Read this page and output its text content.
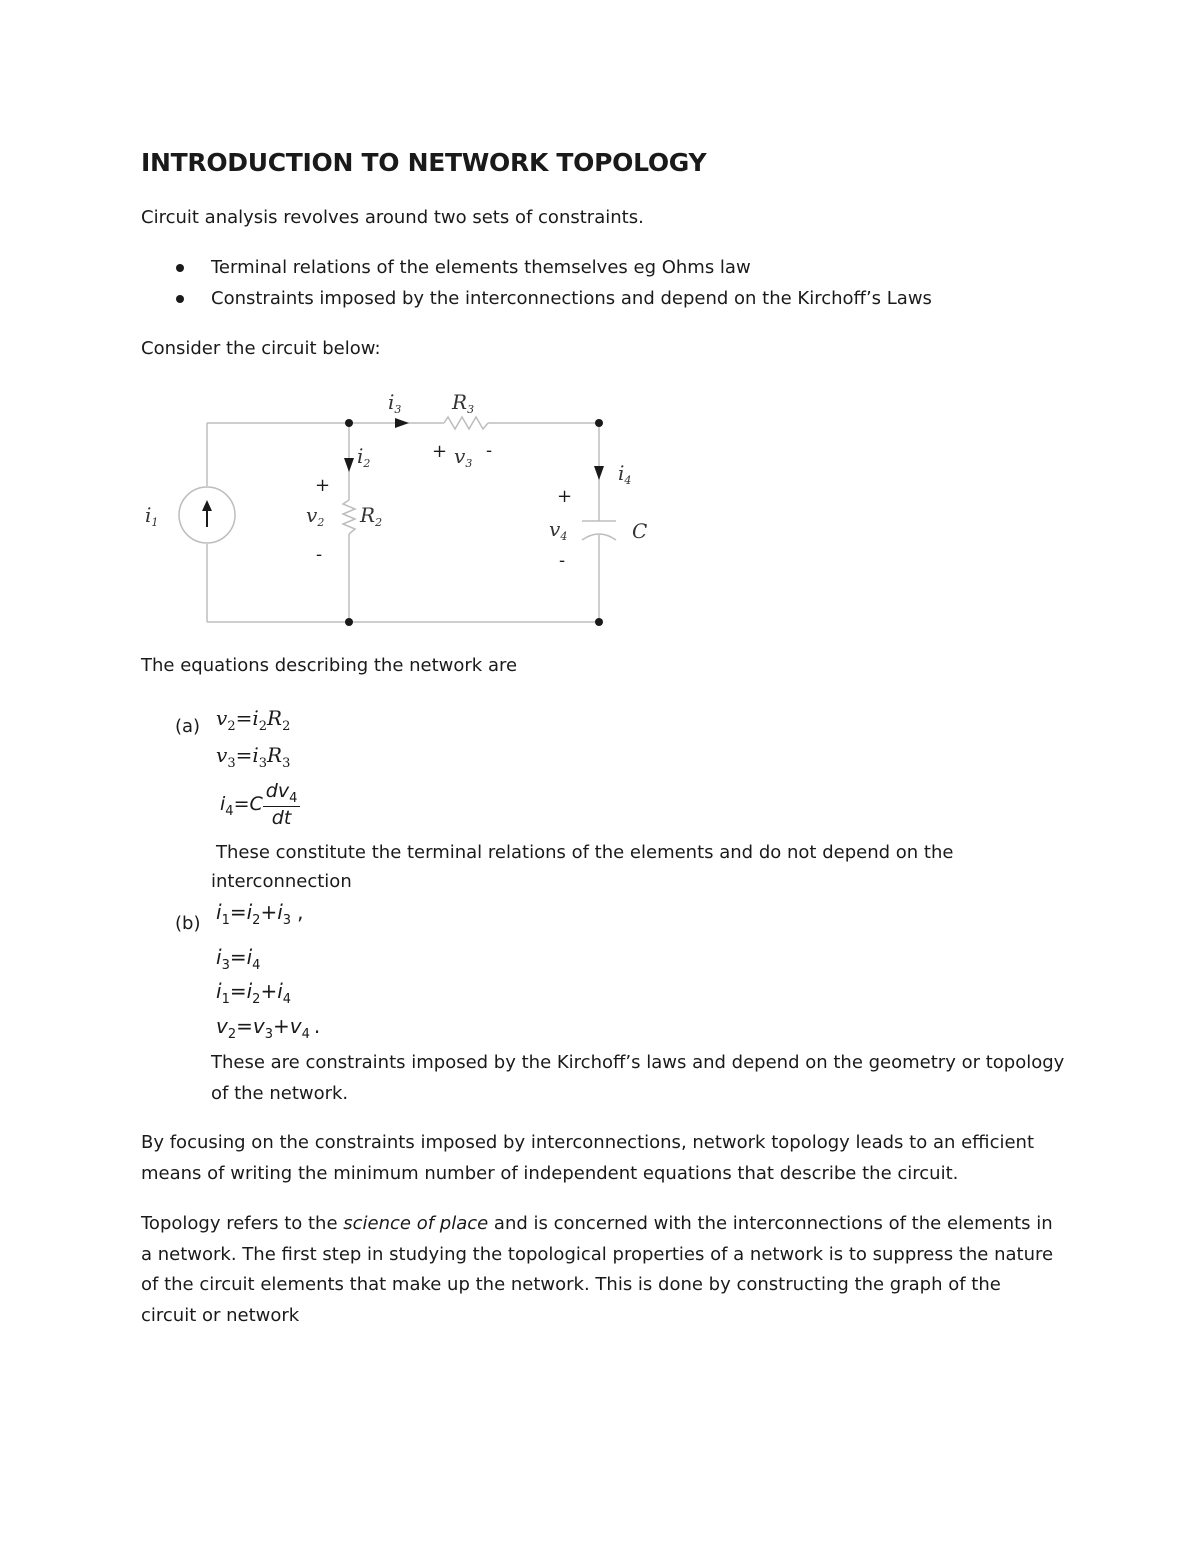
INTRODUCTION TO NETWORK TOPOLOGY

Circuit analysis revolves around two sets of constraints.

Terminal relations of the elements themselves eg Ohms law

Constraints imposed by the interconnections and depend on the Kirchoff’s Laws

Consider the circuit below:

$i_1$
$i_3$	$R_3$
$i_2$	$v_3$
$v_2$ $R_2$
$i_4$
$v_4$	C
+ -
+
-
+
-

The equations describing the network are

(a) $v_2=i_2R_2$
$v_3=i_3R_3$
$i_4=C \frac{dv_4}{dt}$

These constitute the terminal relations of the elements and do not depend on the

interconnection

(b) $i_1=i_2+i_3$ ,
$i_3=i_4$
$i_1=i_2+i_4$
$v_2=v_3+v_4$ .

These are constraints imposed by the Kirchoff’s laws and depend on the geometry or topology

of the network.

By focusing on the constraints imposed by interconnections, network topology leads to an efficient means of writing the minimum number of independent equations that describe the circuit.

Topology refers to the science of place and is concerned with the interconnections of the elements in a network. The first step in studying the topological properties of a network is to suppress the nature of the circuit elements that make up the network. This is done by constructing the graph of the circuit or network
